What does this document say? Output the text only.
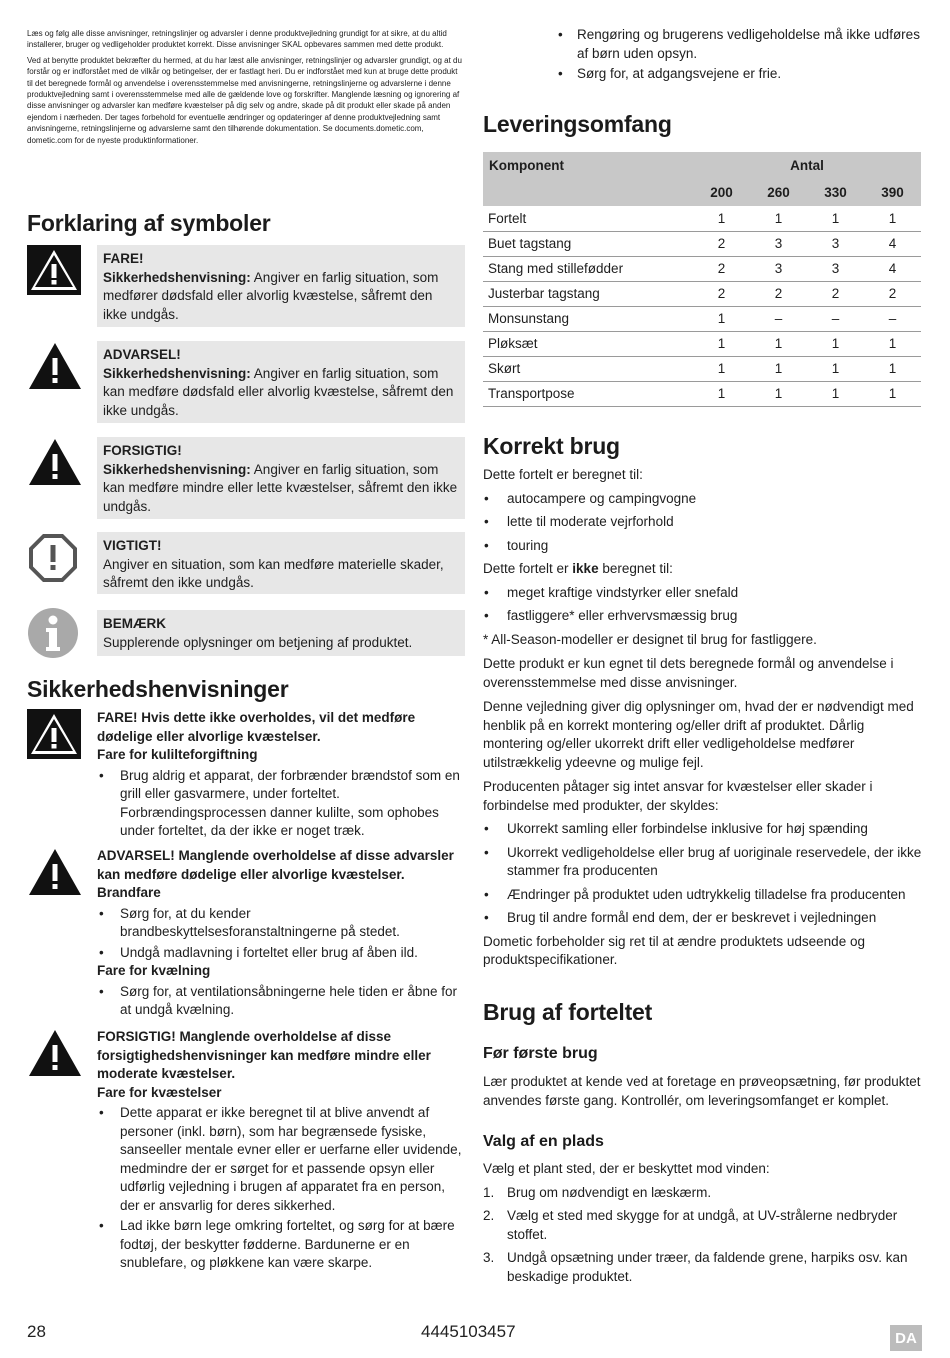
Læs og følg alle disse anvisninger, retningslinjer og advarsler i denne produktvejledning grundigt for at sikre, at du altid installerer, bruger og vedligeholder produktet korrekt. Disse anvisninger SKAL opbevares sammen med dette produkt.

Ved at benytte produktet bekræfter du hermed, at du har læst alle anvisninger, retningslinjer og advarsler grundigt, og at du forstår og er indforstået med de vilkår og betingelser, der er fastlagt heri. Du er indforstået med kun at bruge dette produkt til det beregnede formål og anvendelse i overensstemmelse med anvisningerne, retningslinjerne og advarslerne i denne produktvejledning samt i overensstemmelse med alle de gældende love og forskrifter. Manglende læsning og ignorering af disse anvisninger og advarsler kan medføre kvæstelser på dig selv og andre, skade på dit produkt eller skade på anden ejendom i nærheden. Der tages forbehold for eventuelle ændringer og opdateringer af denne produktvejledning samt anvisningerne, retningslinjerne og advarslerne samt den tilhørende dokumentation. Se documents.dometic.com, dometic.com for de nyeste produktinformationer.

Forklaring af symboler
FARE!
Sikkerhedshenvisning: Angiver en farlig situation, som medfører dødsfald eller alvorlig kvæstelse, såfremt den ikke undgås.
ADVARSEL!
Sikkerhedshenvisning: Angiver en farlig situation, som kan medføre dødsfald eller alvorlig kvæstelse, såfremt den ikke undgås.
FORSIGTIG!
Sikkerhedshenvisning: Angiver en farlig situation, som kan medføre mindre eller lette kvæstelser, såfremt den ikke undgås.
VIGTIGT!
Angiver en situation, som kan medføre materielle skader, såfremt den ikke undgås.
BEMÆRK
Supplerende oplysninger om betjening af produktet.
Sikkerhedshenvisninger
FARE! Hvis dette ikke overholdes, vil det medføre dødelige eller alvorlige kvæstelser.
Fare for kulilteforgiftning
• Brug aldrig et apparat, der forbrænder brændstof som en grill eller gasvarmere, under forteltet. Forbrændingsprocessen danner kulilte, som ophobes under forteltet, da der ikke er noget træk.
ADVARSEL! Manglende overholdelse af disse advarsler kan medføre dødelige eller alvorlige kvæstelser.
Brandfare
• Sørg for, at du kender brandbeskyttelsesforanstaltningerne på stedet.
• Undgå madlavning i forteltet eller brug af åben ild.
Fare for kvælning
• Sørg for, at ventilationsåbningerne hele tiden er åbne for at undgå kvælning.
FORSIGTIG! Manglende overholdelse af disse forsigtighedshenvisninger kan medføre mindre eller moderate kvæstelser.
Fare for kvæstelser
• Dette apparat er ikke beregnet til at blive anvendt af personer (inkl. børn), som har begrænsede fysiske, sanseeller mentale evner eller er uerfarne eller uvidende, medmindre der er sørget for et passende opsyn eller udførlig vejledning i brugen af apparatet fra en person, der er ansvarlig for deres sikkerhed.
• Lad ikke børn lege omkring forteltet, og sørg for at bære fodtøj, der beskytter fødderne. Bardunerne er en snublefare, og pløkkene kan være skarpe.
• Rengøring og brugerens vedligeholdelse må ikke udføres af børn uden opsyn.
• Sørg for, at adgangsvejene er frie.
Leveringsomfang
Komponent	Antal			
	200	260	330	390
Fortelt	1	1	1	1
Buet tagstang	2	3	3	4
Stang med stillefødder	2	3	3	4
Justerbar tagstang	2	2	2	2
Monsunstang	1	–	–	–
Pløksæt	1	1	1	1
Skørt	1	1	1	1
Transportpose	1	1	1	1
Korrekt brug
Dette fortelt er beregnet til:
• autocampere og campingvogne
• lette til moderate vejrforhold
• touring
Dette fortelt er ikke beregnet til:
• meget kraftige vindstyrker eller snefald
• fastliggere* eller erhvervsmæssig brug
* All-Season-modeller er designet til brug for fastliggere.
Dette produkt er kun egnet til dets beregnede formål og anvendelse i overensstemmelse med disse anvisninger.
Denne vejledning giver dig oplysninger om, hvad der er nødvendigt med henblik på en korrekt montering og/eller drift af produktet. Dårlig montering og/eller ukorrekt drift eller vedligeholdelse medfører utilstrækkelig ydeevne og mulige fejl.
Producenten påtager sig intet ansvar for kvæstelser eller skader i forbindelse med produkter, der skyldes:
• Ukorrekt samling eller forbindelse inklusive for høj spænding
• Ukorrekt vedligeholdelse eller brug af uoriginale reservedele, der ikke stammer fra producenten
• Ændringer på produktet uden udtrykkelig tilladelse fra producenten
• Brug til andre formål end dem, der er beskrevet i vejledningen
Dometic forbeholder sig ret til at ændre produktets udseende og produktspecifikationer.
Brug af forteltet
Før første brug
Lær produktet at kende ved at foretage en prøveopsætning, før produktet anvendes første gang. Kontrollér, om leveringsomfanget er komplet.
Valg af en plads
Vælg et plant sted, der er beskyttet mod vinden:
1. Brug om nødvendigt en læskærm.
2. Vælg et sted med skygge for at undgå, at UV-strålerne nedbryder stoffet.
3. Undgå opsætning under træer, da faldende grene, harpiks osv. kan beskadige produktet.
28	4445103457	DA
